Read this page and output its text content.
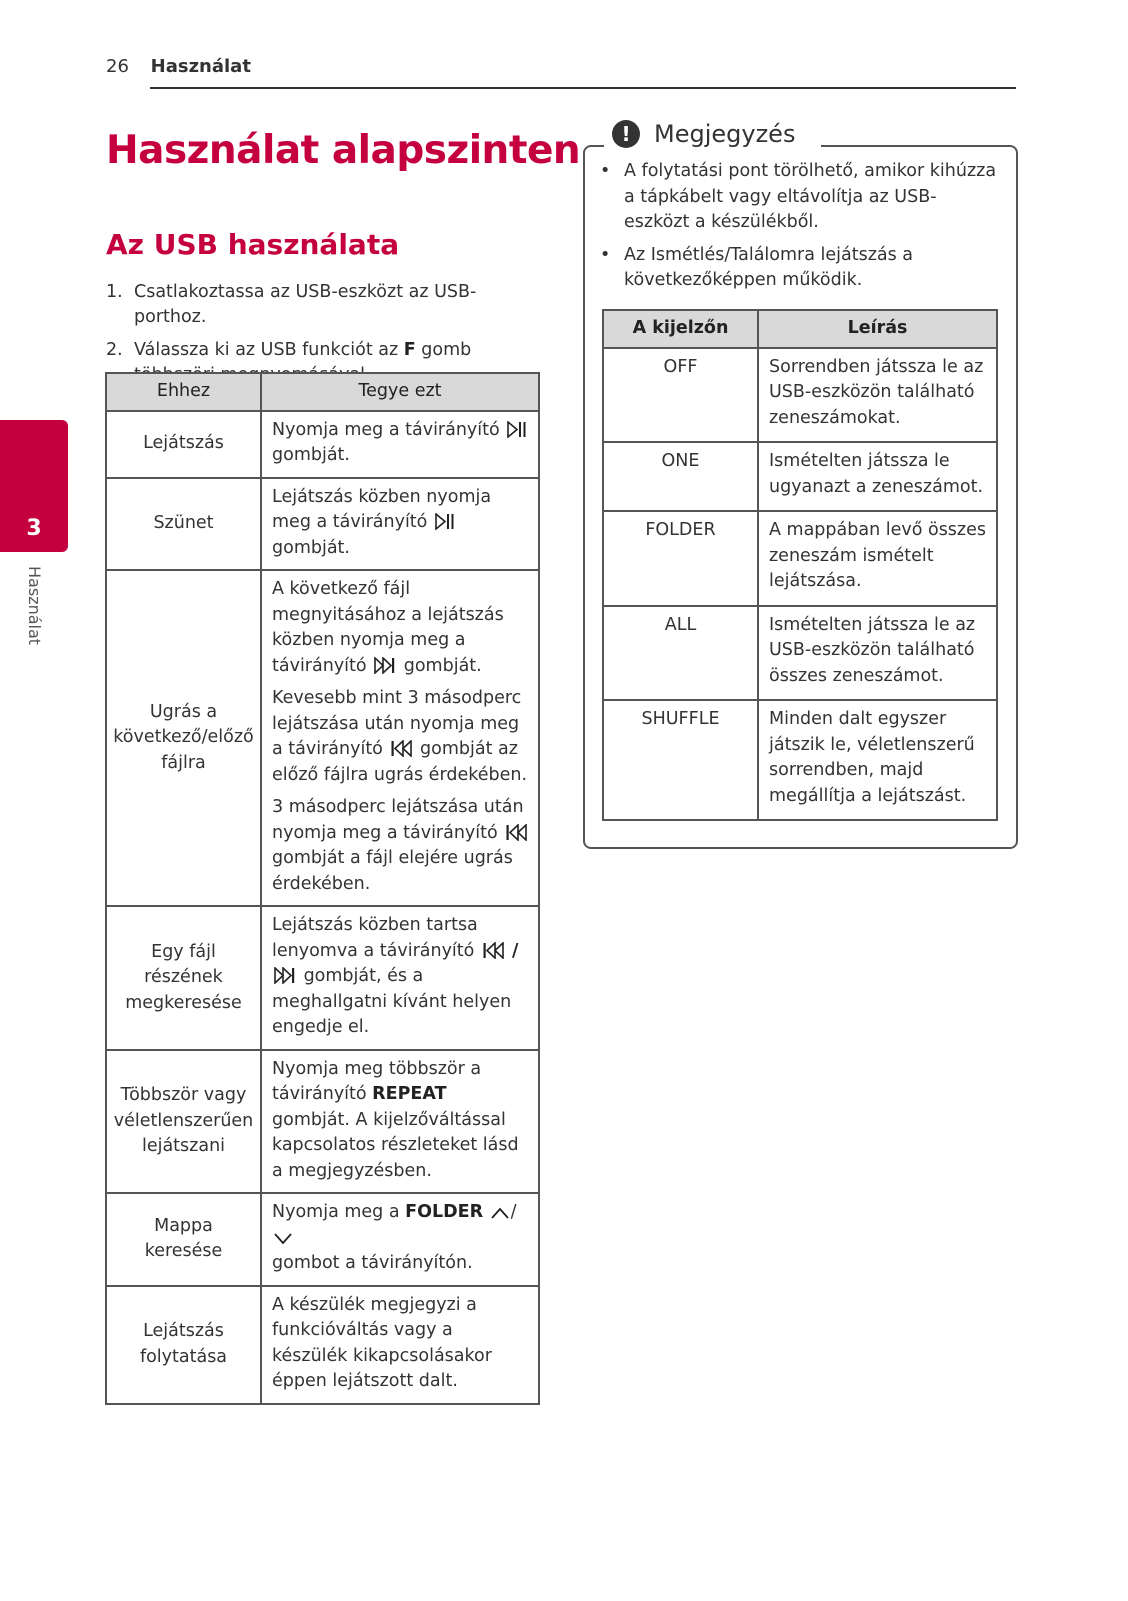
26 Használat
3
Használat
Használat alapszinten
Az USB használata
1. Csatlakoztassa az USB-eszközt az USB-porthoz.
2. Válassza ki az USB funkciót az F gomb
Ehhez	Tegye ezt
Lejátszás	Nyomja meg a távirányító
gombját.
Szünet	Lejátszás közben nyomja meg a távirányító  gombját.
Ugrás a következő/előző fájlra	A következő fájl megnyitásához a lejátszás közben nyomja meg a távirányító  gombját.

Kevesebb mint 3 másodperc lejátszása után nyomja meg a távirányító  gombját az előző fájlra ugrás érdekében.

3 másodperc lejátszása után nyomja meg a távirányító  gombját a fájl elejére ugrás érdekében.

Egy fájl részének megkeresése	Lejátszás közben tartsa lenyomva a távirányító  /
gombját, és a meghallgatni kívánt helyen engedje el.
Többször vagy véletlenszerűen lejátszani	Nyomja meg többször a távirányító REPEAT gombját. A kijelzőváltással kapcsolatos részleteket lásd a megjegyzésben.
Mappa keresése	Nyomja meg a FOLDER /
gombot a távirányítón.
Lejátszás folytatása	A készülék megjegyzi a funkcióváltás vagy a készülék kikapcsolásakor éppen lejátszott dalt.
! Megjegyzés
• A folytatási pont törölhető, amikor kihúzza a tápkábelt vagy eltávolítja az USB-eszközt a készülékből.
• Az Ismétlés/Találomra lejátszás a következőképpen működik.
A kijelzőn	Leírás
OFF	Sorrendben játssza le az USB-eszközön található zeneszámokat.
ONE	Ismételten játssza le ugyanazt a zeneszámot.
FOLDER	A mappában levő összes zeneszám ismételt lejátszása.
ALL	Ismételten játssza le az USB-eszközön található összes zeneszámot.
SHUFFLE	Minden dalt egyszer játszik le, véletlenszerű sorrendben, majd megállítja a lejátszást.
